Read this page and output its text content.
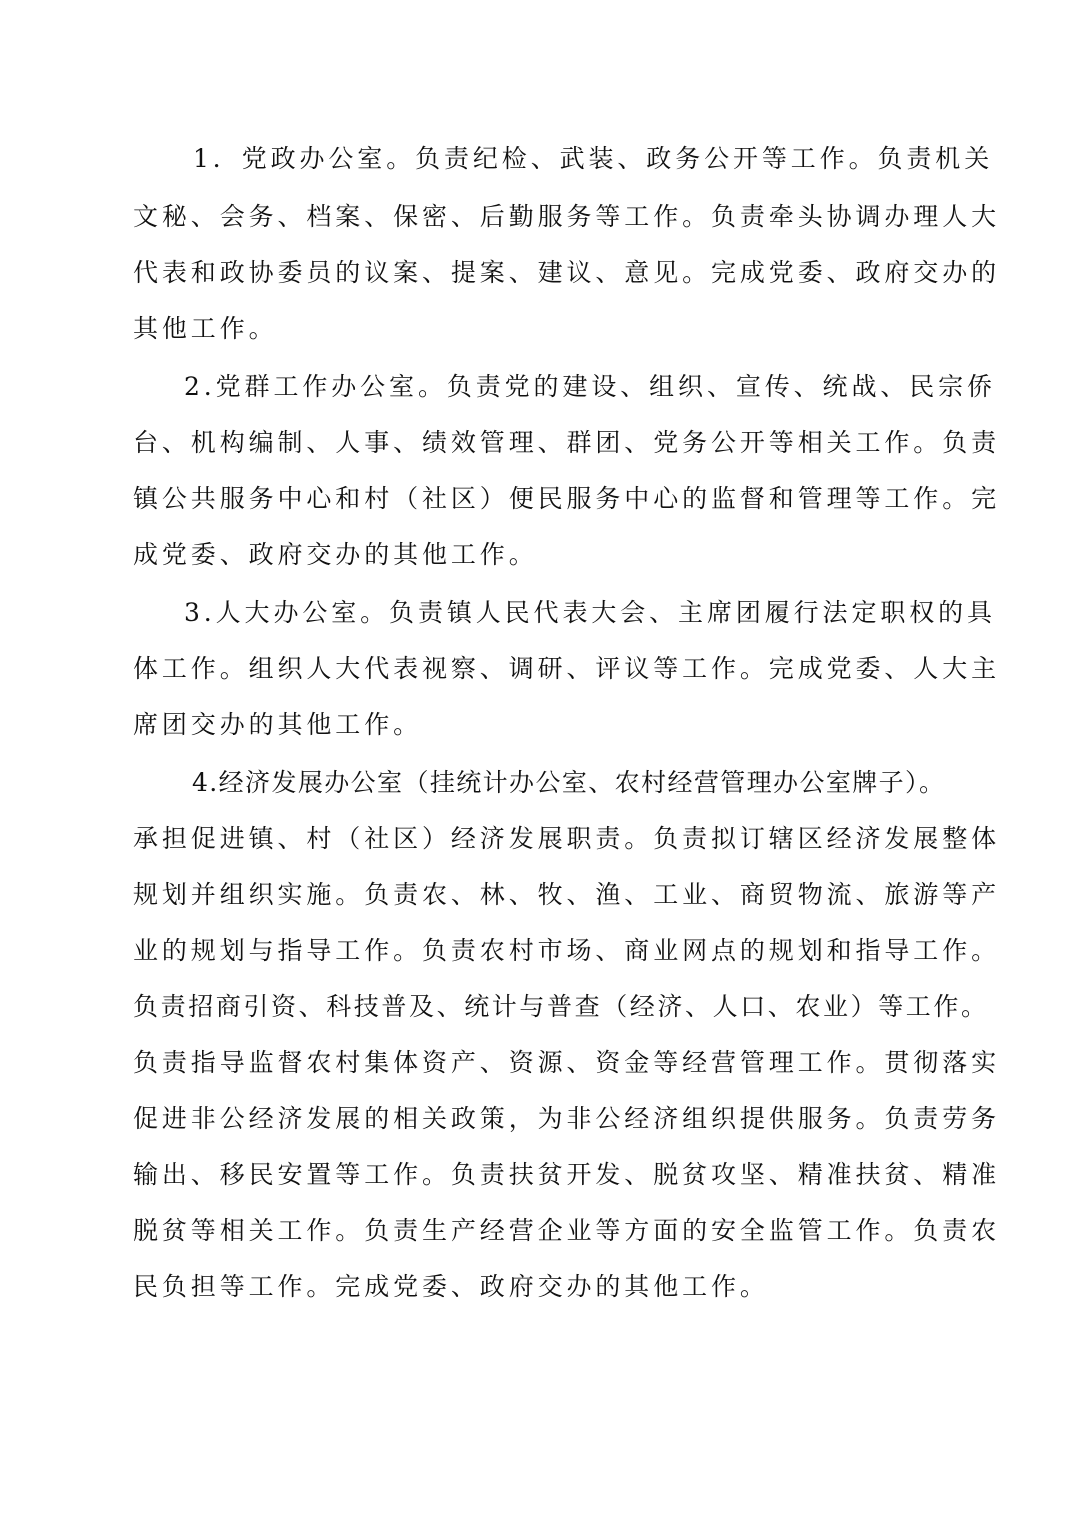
1．党政办公室。负责纪检、武装、政务公开等工作。负责机关
文秘、会务、档案、保密、后勤服务等工作。负责牵头协调办理人大
代表和政协委员的议案、提案、建议、意见。完成党委、政府交办的
其他工作。
2.党群工作办公室。负责党的建设、组织、宣传、统战、民宗侨
台、机构编制、人事、绩效管理、群团、党务公开等相关工作。负责
镇公共服务中心和村（社区）便民服务中心的监督和管理等工作。完
成党委、政府交办的其他工作。
3.人大办公室。负责镇人民代表大会、主席团履行法定职权的具
体工作。组织人大代表视察、调研、评议等工作。完成党委、人大主
席团交办的其他工作。
4.经济发展办公室（挂统计办公室、农村经营管理办公室牌子）。
承担促进镇、村（社区）经济发展职责。负责拟订辖区经济发展整体
规划并组织实施。负责农、林、牧、渔、工业、商贸物流、旅游等产
业的规划与指导工作。负责农村市场、商业网点的规划和指导工作。
负责招商引资、科技普及、统计与普查（经济、人口、农业）等工作。
负责指导监督农村集体资产、资源、资金等经营管理工作。贯彻落实
促进非公经济发展的相关政策，为非公经济组织提供服务。负责劳务
输出、移民安置等工作。负责扶贫开发、脱贫攻坚、精准扶贫、精准
脱贫等相关工作。负责生产经营企业等方面的安全监管工作。负责农
民负担等工作。完成党委、政府交办的其他工作。
